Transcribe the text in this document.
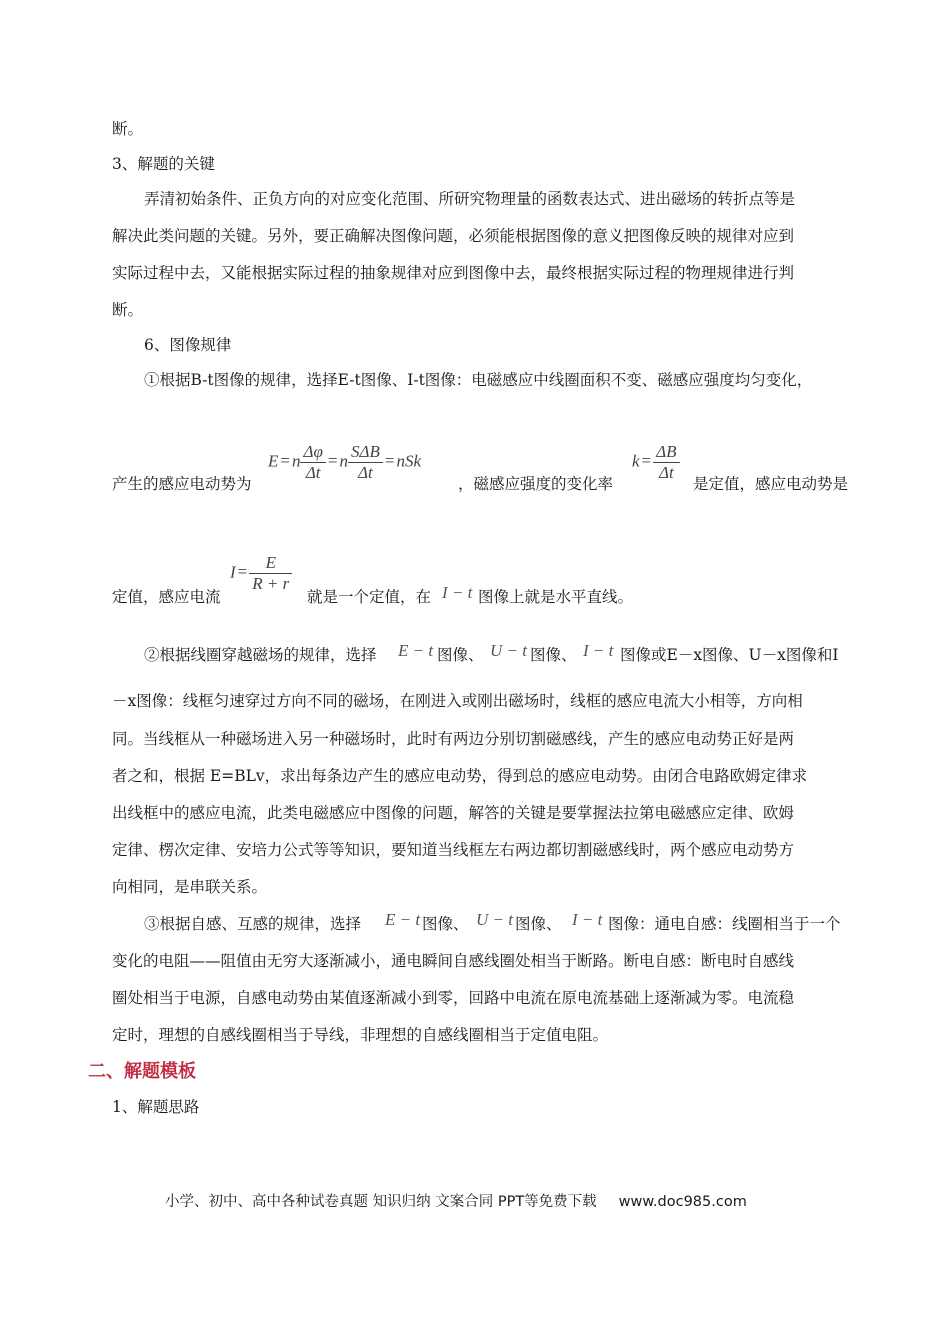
断。
3、解题的关键
弄清初始条件、正负方向的对应变化范围、所研究物理量的函数表达式、进出磁场的转折点等是
解决此类问题的关键。另外，要正确解决图像问题，必须能根据图像的意义把图像反映的规律对应到
实际过程中去，又能根据实际过程的抽象规律对应到图像中去，最终根据实际过程的物理规律进行判
断。
6、图像规律
①根据B-t图像的规律，选择E-t图像、I-t图像：电磁感应中线圈面积不变、磁感应强度均匀变化，
产生的感应电动势为
E = n $\frac{\Delta\varphi}{\Delta t} = n \frac{\text{SΔB}}{\Delta t}$ = nSk
，磁感应强度的变化率
$k = \frac{\Delta B}{\Delta t}$
是定值，感应电动势是
定值，感应电流
$I = \frac{E}{R + r}$
就是一个定值，在 I − t 图像上就是水平直线。
②根据线圈穿越磁场的规律，选择 E − t 图像、 U − t 图像、 I − t 图像或E－x图像、U－x图像和I
－x图像：线框匀速穿过方向不同的磁场，在刚进入或刚出磁场时，线框的感应电流大小相等，方向相
同。当线框从一种磁场进入另一种磁场时，此时有两边分别切割磁感线，产生的感应电动势正好是两
者之和，根据 E=BLv，求出每条边产生的感应电动势，得到总的感应电动势。由闭合电路欧姆定律求
出线框中的感应电流，此类电磁感应中图像的问题，解答的关键是要掌握法拉第电磁感应定律、欧姆
定律、楞次定律、安培力公式等等知识，要知道当线框左右两边都切割磁感线时，两个感应电动势方
向相同，是串联关系。
③根据自感、互感的规律，选择 E − t 图像、 U − t 图像、 I − t 图像：通电自感：线圈相当于一个
变化的电阻——阻值由无穷大逐渐减小，通电瞬间自感线圈处相当于断路。断电自感：断电时自感线
圈处相当于电源，自感电动势由某值逐渐减小到零，回路中电流在原电流基础上逐渐减为零。电流稳
定时，理想的自感线圈相当于导线，非理想的自感线圈相当于定值电阻。
二、解题模板
1、解题思路
小学、初中、高中各种试卷真题 知识归纳 文案合同 PPT等免费下载 www.doc985.com
